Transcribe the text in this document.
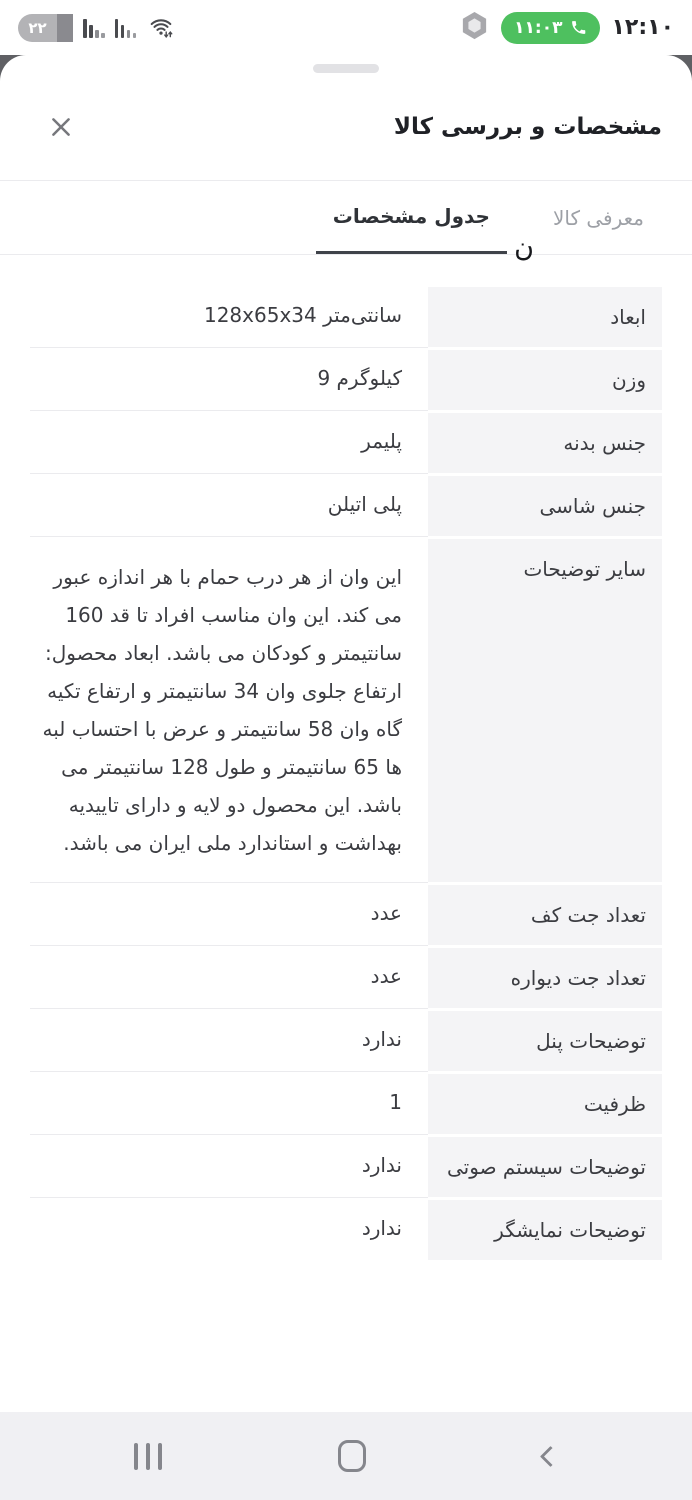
۲۲	۱۱:۰۳ ۱۲:۱۰
مشخصات و بررسی کالا
معرفی کالا
جدول مشخصات
ن
ابعاد
128x65x34 سانتی‌متر
وزن
9 کیلوگرم
جنس بدنه
پلیمر
جنس شاسی
پلی اتیلن
سایر توضیحات
این وان از هر درب حمام با هر اندازه عبور می کند. این وان مناسب افراد تا قد 160 سانتیمتر و کودکان می باشد. ابعاد محصول: ارتفاع جلوی وان 34 سانتیمتر و ارتفاع تکیه گاه وان 58 سانتیمتر و عرض با احتساب لبه ها 65 سانتیمتر و طول 128 سانتیمتر می باشد. این محصول دو لایه و دارای تاییدیه بهداشت و استاندارد ملی ایران می باشد.
تعداد جت کف
عدد
تعداد جت دیواره
عدد
توضیحات پنل
ندارد
ظرفیت
1
توضیحات سیستم صوتی
ندارد
توضیحات نمایشگر
ندارد
